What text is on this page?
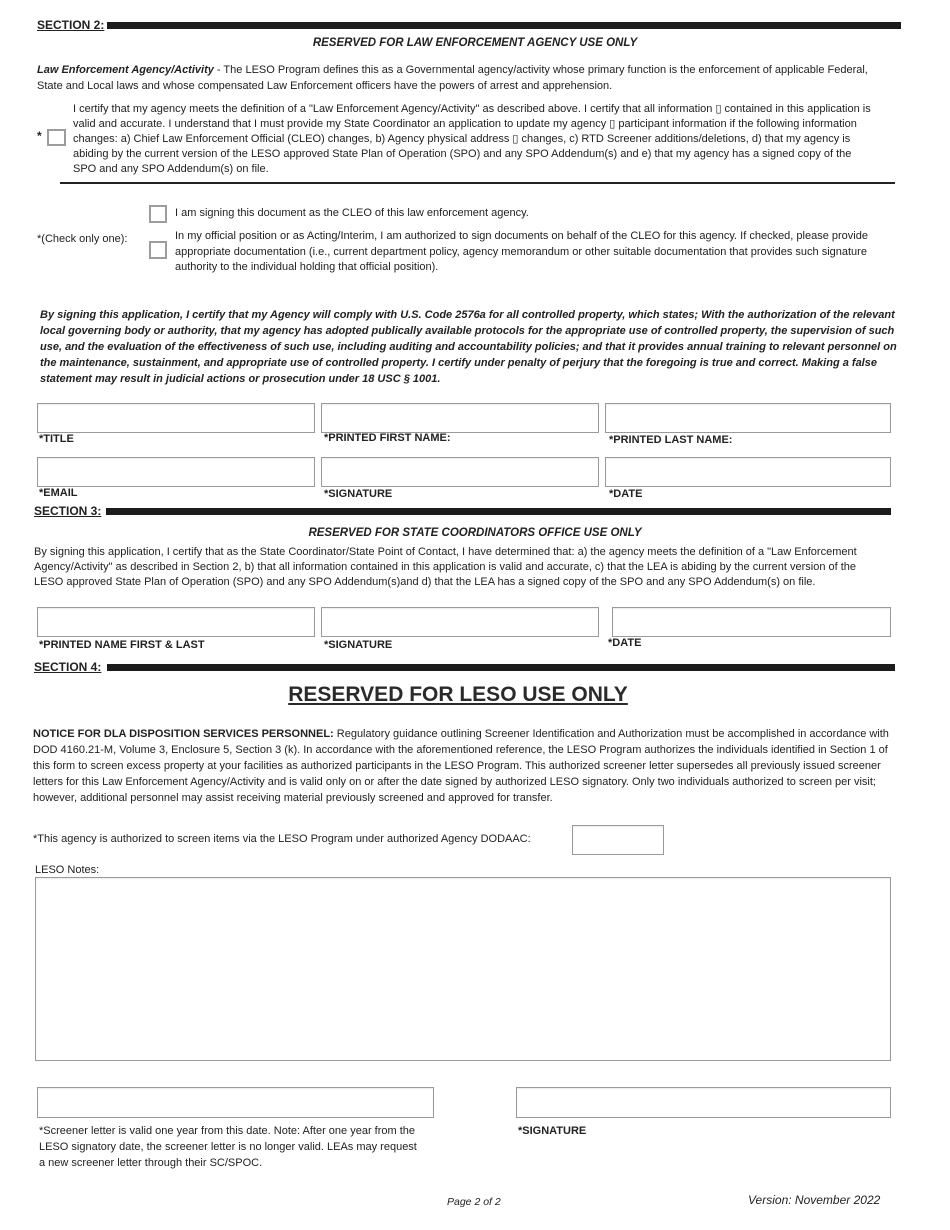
SECTION 2:
RESERVED FOR LAW ENFORCEMENT AGENCY USE ONLY
Law Enforcement Agency/Activity - The LESO Program defines this as a Governmental agency/activity whose primary function is the enforcement of applicable Federal, State and Local laws and whose compensated Law Enforcement officers have the powers of arrest and apprehension.
*
I certify that my agency meets the definition of a "Law Enforcement Agency/Activity" as described above. I certify that all information ▯ contained in this application is valid and accurate. I understand that I must provide my State Coordinator an application to update my agency ▯ participant information if the following information changes: a) Chief Law Enforcement Official (CLEO) changes, b) Agency physical address ▯ changes, c) RTD Screener additions/deletions, d) that my agency is abiding by the current version of the LESO approved State Plan of Operation (SPO) and any SPO Addendum(s) and e) that my agency has a signed copy of the SPO and any SPO Addendum(s) on file.
I am signing this document as the CLEO of this law enforcement agency.
*(Check only one):	In my official position or as Acting/Interim, I am authorized to sign documents on behalf of the CLEO for this agency. If checked, please provide appropriate documentation (i.e., current department policy, agency memorandum or other suitable documentation that provides such signature authority to the individual holding that official position).
By signing this application, I certify that my Agency will comply with U.S. Code 2576a for all controlled property, which states; With the authorization of the relevant local governing body or authority, that my agency has adopted publically available protocols for the appropriate use of controlled property, the supervision of such use, and the evaluation of the effectiveness of such use, including auditing and accountability policies; and that it provides annual training to relevant personnel on the maintenance, sustainment, and appropriate use of controlled property. I certify under penalty of perjury that the foregoing is true and correct. Making a false statement may result in judicial actions or prosecution under 18 USC § 1001.
*TITLE	*PRINTED FIRST NAME:	*PRINTED LAST NAME:
*EMAIL	*SIGNATURE	*DATE
SECTION 3:
RESERVED FOR STATE COORDINATORS OFFICE USE ONLY
By signing this application, I certify that as the State Coordinator/State Point of Contact, I have determined that: a) the agency meets the definition of a "Law Enforcement Agency/Activity" as described in Section 2, b) that all information contained in this application is valid and accurate, c) that the LEA is abiding by the current version of the LESO approved State Plan of Operation (SPO) and any SPO Addendum(s)and d) that the LEA has a signed copy of the SPO and any SPO Addendum(s) on file.
*PRINTED NAME FIRST & LAST	*SIGNATURE	*DATE
SECTION 4:
RESERVED FOR LESO USE ONLY
NOTICE FOR DLA DISPOSITION SERVICES PERSONNEL: Regulatory guidance outlining Screener Identification and Authorization must be accomplished in accordance with DOD 4160.21-M, Volume 3, Enclosure 5, Section 3 (k). In accordance with the aforementioned reference, the LESO Program authorizes the individuals identified in Section 1 of this form to screen excess property at your facilities as authorized participants in the LESO Program. This authorized screener letter supersedes all previously issued screener letters for this Law Enforcement Agency/Activity and is valid only on or after the date signed by authorized LESO signatory. Only two individuals authorized to screen per visit; however, additional personnel may assist receiving material previously screened and approved for transfer.
*This agency is authorized to screen items via the LESO Program under authorized Agency DODAAC:
LESO Notes:
*Screener letter is valid one year from this date. Note: After one year from the LESO signatory date, the screener letter is no longer valid. LEAs may request a new screener letter through their SC/SPOC.
*SIGNATURE
Page 2 of 2	Version: November 2022
